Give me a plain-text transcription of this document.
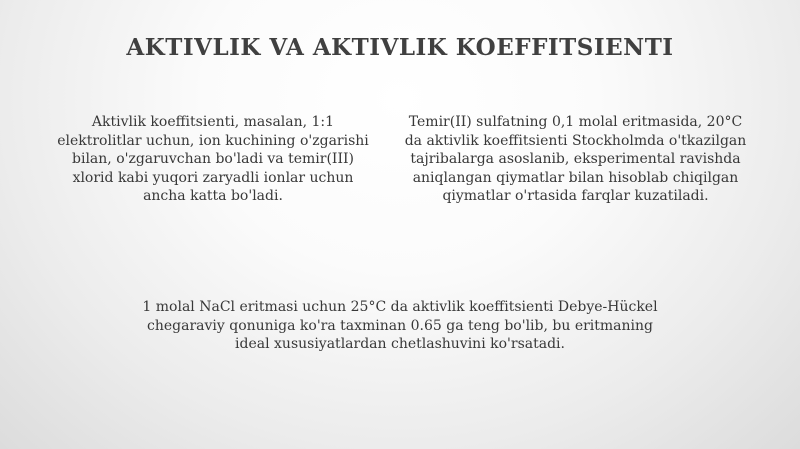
AKTIVLIK VA AKTIVLIK KOEFFITSIENTI
Aktivlik koeffitsienti, masalan, 1:1
elektrolitlar uchun, ion kuchining o'zgarishi
bilan, o'zgaruvchan bo'ladi va temir(III)
xlorid kabi yuqori zaryadli ionlar uchun
ancha katta bo'ladi.
Temir(II) sulfatning 0,1 molal eritmasida, 20°C
da aktivlik koeffitsienti Stockholmda o'tkazilgan
tajribalarga asoslanib, eksperimental ravishda
aniqlangan qiymatlar bilan hisoblab chiqilgan
qiymatlar o'rtasida farqlar kuzatiladi.
1 molal NaCl eritmasi uchun 25°C da aktivlik koeffitsienti Debye-Hückel
chegaraviy qonuniga ko'ra taxminan 0.65 ga teng bo'lib, bu eritmaning
ideal xususiyatlardan chetlashuvini ko'rsatadi.
